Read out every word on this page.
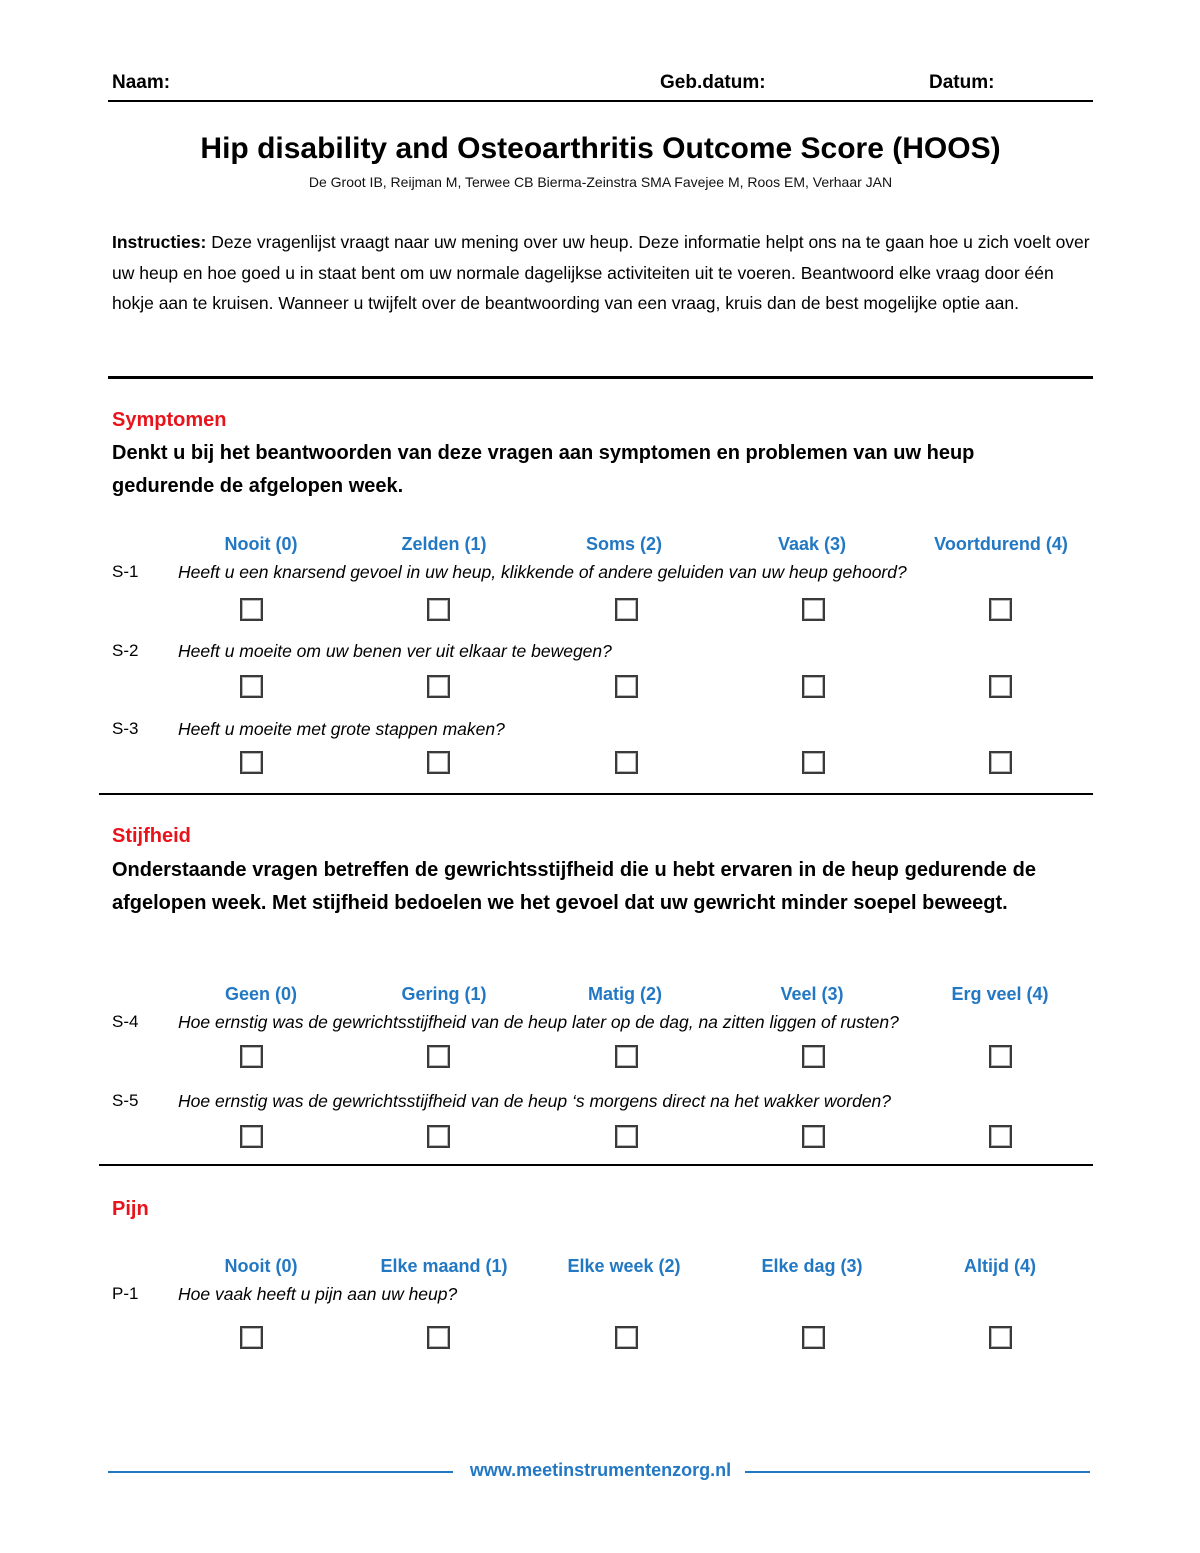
Naam:	Geb.datum:	Datum:
Hip disability and Osteoarthritis Outcome Score (HOOS)
De Groot IB, Reijman M, Terwee CB Bierma-Zeinstra SMA Favejee M, Roos EM, Verhaar JAN
Instructies: Deze vragenlijst vraagt naar uw mening over uw heup. Deze informatie helpt ons na te gaan hoe u zich voelt over uw heup en hoe goed u in staat bent om uw normale dagelijkse activiteiten uit te voeren. Beantwoord elke vraag door één hokje aan te kruisen. Wanneer u twijfelt over de beantwoording van een vraag, kruis dan de best mogelijke optie aan.
Symptomen
Denkt u bij het beantwoorden van deze vragen aan symptomen en problemen van uw heup gedurende de afgelopen week.
Nooit (0)	Zelden (1)	Soms (2)	Vaak (3)	Voortdurend (4)
S-1 Heeft u een knarsend gevoel in uw heup, klikkende of andere geluiden van uw heup gehoord?
S-2 Heeft u moeite om uw benen ver uit elkaar te bewegen?
S-3 Heeft u moeite met grote stappen maken?
Stijfheid
Onderstaande vragen betreffen de gewrichtsstijfheid die u hebt ervaren in de heup gedurende de afgelopen week. Met stijfheid bedoelen we het gevoel dat uw gewricht minder soepel beweegt.
Geen (0)	Gering (1)	Matig (2)	Veel (3)	Erg veel (4)
S-4 Hoe ernstig was de gewrichtsstijfheid van de heup later op de dag, na zitten liggen of rusten?
S-5 Hoe ernstig was de gewrichtsstijfheid van de heup ‘s morgens direct na het wakker worden?
Pijn
Nooit (0)	Elke maand (1)	Elke week (2)	Elke dag (3)	Altijd (4)
P-1 Hoe vaak heeft u pijn aan uw heup?
www.meetinstrumentenzorg.nl
